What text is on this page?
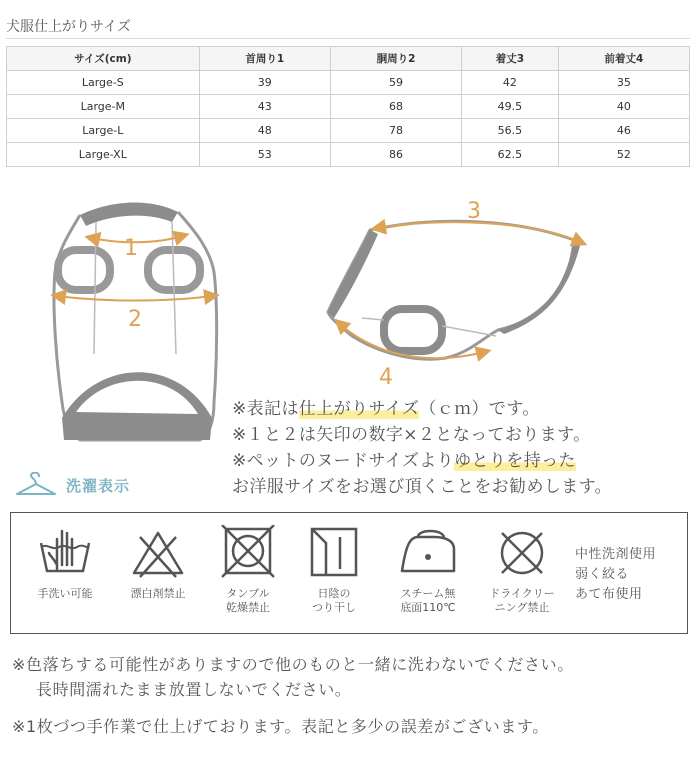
犬服仕上がりサイズ
サイズ(cm)	首周り1	胴周り2	着丈3	前着丈4
Large-S	39	59	42	35
Large-M	43	68	49.5	40
Large-L	48	78	56.5	46
Large-XL	53	86	62.5	52
1
2
3
4
※表記は仕上がりサイズ（ｃｍ）です。
※１と２は矢印の数字×２となっております。
※ペットのヌードサイズよりゆとりを持った
お洋服サイズをお選び頂くことをお勧めします。
洗濯表示
手洗い可能	漂白剤禁止	タンブル
乾燥禁止
日陰の
つり干し
スチーム無
底面110℃
ドライクリー
ニング禁止
中性洗剤使用
弱く絞る
あて布使用
※色落ちする可能性がありますので他のものと一緒に洗わないでください。
長時間濡れたまま放置しないでください。
※1枚づつ手作業で仕上げております。表記と多少の誤差がございます。
